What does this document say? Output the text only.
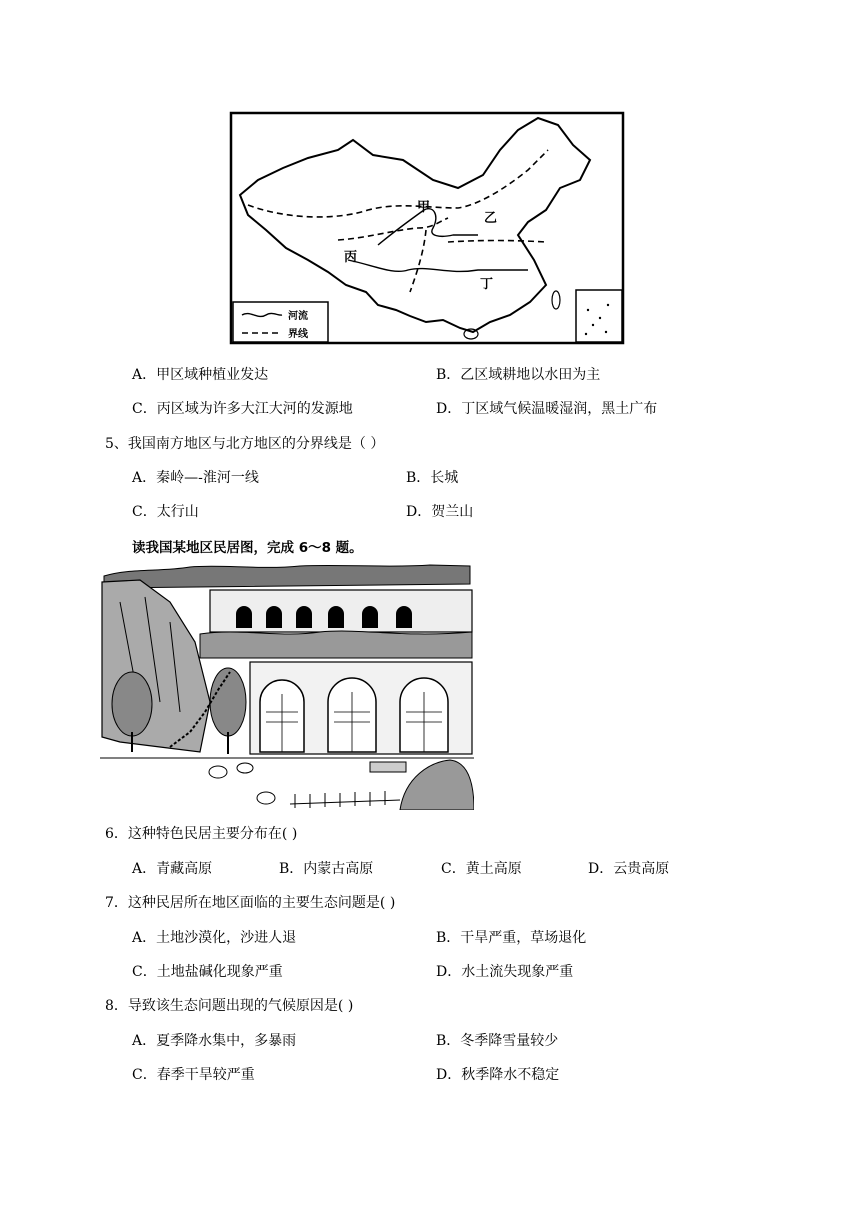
河流
界线
甲
乙
丙
丁
A．甲区域种植业发达	B．乙区域耕地以水田为主
C．丙区域为许多大江大河的发源地	D．丁区域气候温暖湿润，黑土广布
5、我国南方地区与北方地区的分界线是（ ）
A．秦岭—-淮河一线	B．长城
C．太行山	D．贺兰山
读我国某地区民居图，完成 6～8 题。
6．这种特色民居主要分布在( )
A．青藏高原	B．内蒙古高原	C．黄土高原	D．云贵高原
7．这种民居所在地区面临的主要生态问题是( )
A．土地沙漠化，沙进人退	B．干旱严重，草场退化
C．土地盐碱化现象严重	D．水土流失现象严重
8．导致该生态问题出现的气候原因是( )
A．夏季降水集中，多暴雨	B．冬季降雪量较少
C．春季干旱较严重	D．秋季降水不稳定
